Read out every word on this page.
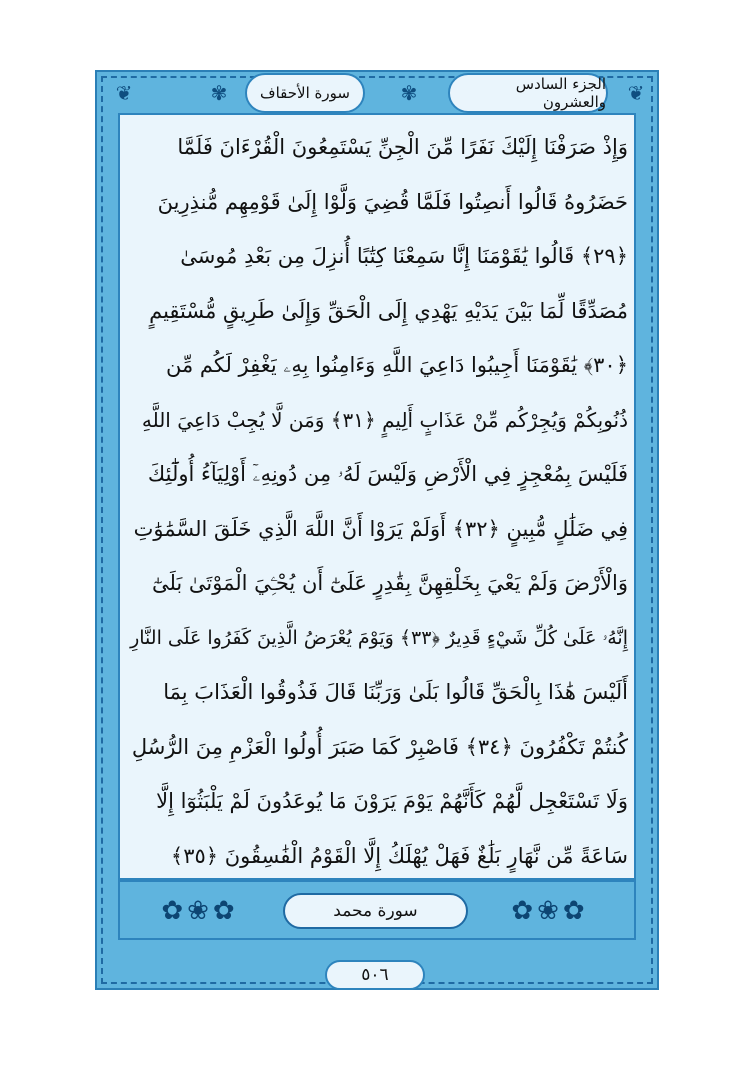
❦	✾	✾	❦
سورة الأحقاف	الجزء السادس والعشرون
وَإِذْ صَرَفْنَا إِلَيْكَ نَفَرًا مِّنَ الْجِنِّ يَسْتَمِعُونَ الْقُرْءَانَ فَلَمَّا
حَضَرُوهُ قَالُوا أَنصِتُوا فَلَمَّا قُضِيَ وَلَّوْا إِلَىٰ قَوْمِهِم مُّنذِرِينَ
﴿٢٩﴾ قَالُوا يَٰقَوْمَنَا إِنَّا سَمِعْنَا كِتَٰبًا أُنزِلَ مِن بَعْدِ مُوسَىٰ
مُصَدِّقًا لِّمَا بَيْنَ يَدَيْهِ يَهْدِي إِلَى الْحَقِّ وَإِلَىٰ طَرِيقٍ مُّسْتَقِيمٍ
﴿٣٠﴾ يَٰقَوْمَنَا أَجِيبُوا دَاعِيَ اللَّهِ وَءَامِنُوا بِهِۦ يَغْفِرْ لَكُم مِّن
ذُنُوبِكُمْ وَيُجِرْكُم مِّنْ عَذَابٍ أَلِيمٍ ﴿٣١﴾ وَمَن لَّا يُجِبْ دَاعِيَ اللَّهِ
فَلَيْسَ بِمُعْجِزٍ فِي الْأَرْضِ وَلَيْسَ لَهُۥ مِن دُونِهِۦٓ أَوْلِيَآءُ أُولَٰٓئِكَ
فِي ضَلَٰلٍ مُّبِينٍ ﴿٣٢﴾ أَوَلَمْ يَرَوْا أَنَّ اللَّهَ الَّذِي خَلَقَ السَّمَٰوَٰتِ
وَالْأَرْضَ وَلَمْ يَعْيَ بِخَلْقِهِنَّ بِقَٰدِرٍ عَلَىٰٓ أَن يُحْـِۧيَ الْمَوْتَىٰ بَلَىٰٓ
إِنَّهُۥ عَلَىٰ كُلِّ شَيْءٍ قَدِيرٌ ﴿٣٣﴾ وَيَوْمَ يُعْرَضُ الَّذِينَ كَفَرُوا عَلَى النَّارِ
أَلَيْسَ هَٰذَا بِالْحَقِّ قَالُوا بَلَىٰ وَرَبِّنَا قَالَ فَذُوقُوا الْعَذَابَ بِمَا
كُنتُمْ تَكْفُرُونَ ﴿٣٤﴾ فَاصْبِرْ كَمَا صَبَرَ أُولُوا الْعَزْمِ مِنَ الرُّسُلِ
وَلَا تَسْتَعْجِل لَّهُمْ كَأَنَّهُمْ يَوْمَ يَرَوْنَ مَا يُوعَدُونَ لَمْ يَلْبَثُوٓا إِلَّا
سَاعَةً مِّن نَّهَارٍ بَلَٰغٌ فَهَلْ يُهْلَكُ إِلَّا الْقَوْمُ الْفَٰسِقُونَ ﴿٣٥﴾
✿❀✿	✿❀✿
سورة محمد
٥٠٦
